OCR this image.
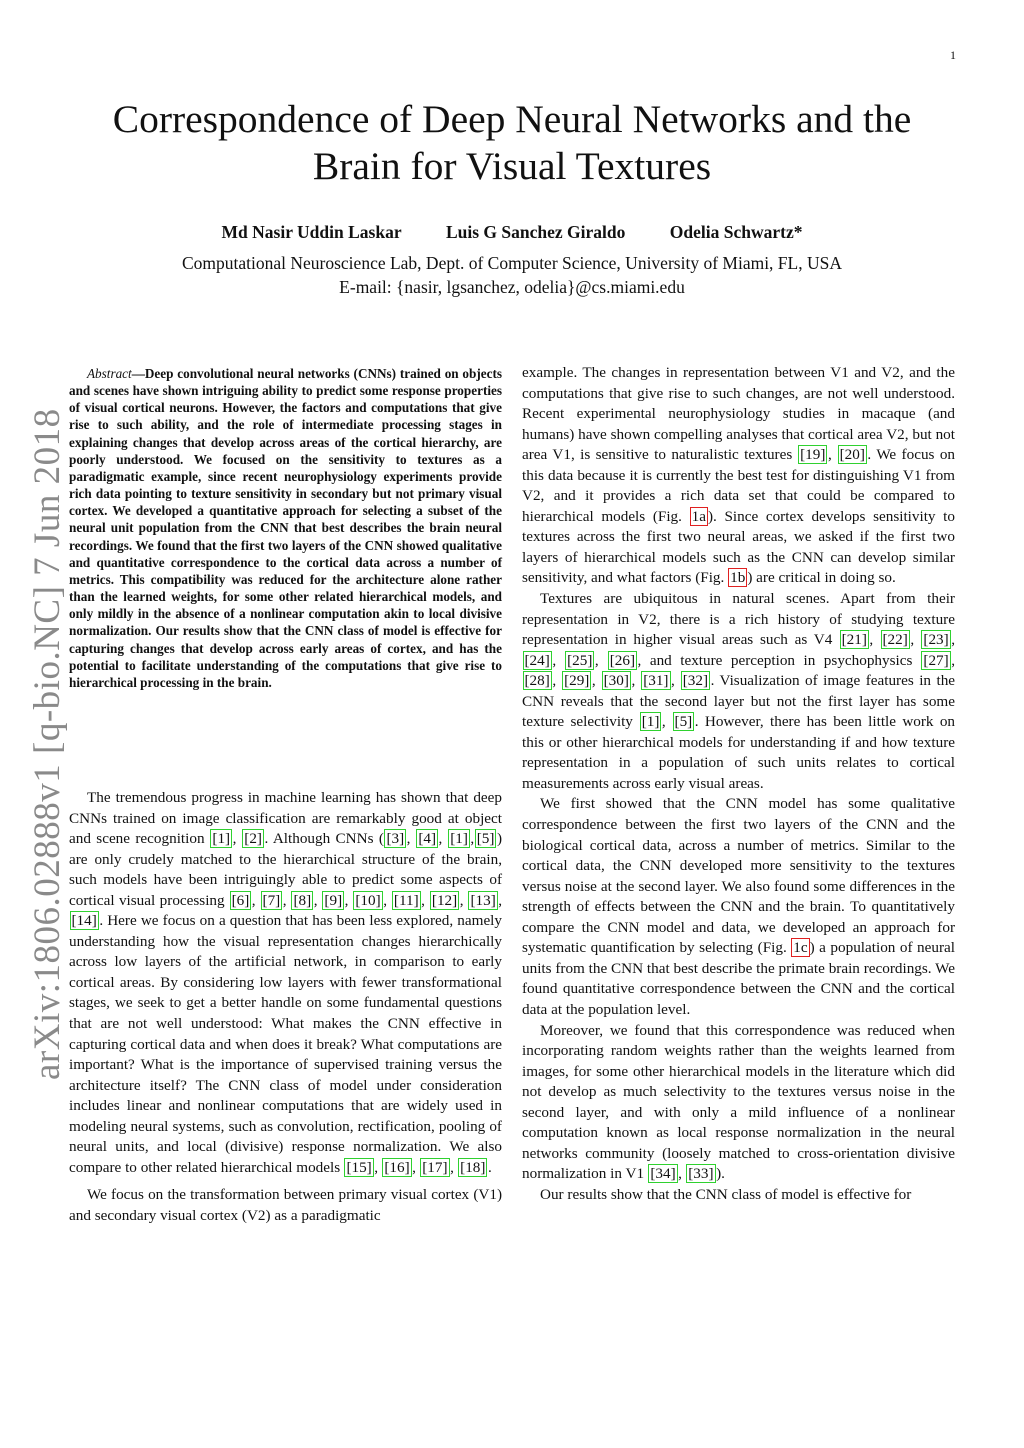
1
arXiv:1806.02888v1 [q-bio.NC] 7 Jun 2018
Correspondence of Deep Neural Networks and the
Brain for Visual Textures
Md Nasir Uddin Laskar	Luis G Sanchez Giraldo	Odelia Schwartz*
Computational Neuroscience Lab, Dept. of Computer Science, University of Miami, FL, USA
E-mail: {nasir, lgsanchez, odelia}@cs.miami.edu

Abstract—Deep convolutional neural networks (CNNs) trained on objects and scenes have shown intriguing ability to predict some response properties of visual cortical neurons. However, the factors and computations that give rise to such ability, and the role of intermediate processing stages in explaining changes that develop across areas of the cortical hierarchy, are poorly understood. We focused on the sensitivity to textures as a paradigmatic example, since recent neurophysiology experiments provide rich data pointing to texture sensitivity in secondary but not primary visual cortex. We developed a quantitative approach for selecting a subset of the neural unit population from the CNN that best describes the brain neural recordings. We found that the first two layers of the CNN showed qualitative and quantitative correspondence to the cortical data across a number of metrics. This compatibility was reduced for the architecture alone rather than the learned weights, for some other related hierarchical models, and only mildly in the absence of a nonlinear computation akin to local divisive normalization. Our results show that the CNN class of model is effective for capturing changes that develop across early areas of cortex, and has the potential to facilitate understanding of the computations that give rise to hierarchical processing in the brain.

The tremendous progress in machine learning has shown that deep CNNs trained on image classification are remarkably good at object and scene recognition [1] , [2] . Although CNNs ( [3] , [4] , [1] , [5] ) are only crudely matched to the hierarchical structure of the brain, such models have been intriguingly able to predict some aspects of cortical visual processing [6] , [7] , [8] , [9] , [10] , [11] , [12] , [13] , [14] . Here we focus on a question that has been less explored, namely understanding how the visual representation changes hierarchically across low layers of the artificial network, in comparison to early cortical areas. By considering low layers with fewer transformational stages, we seek to get a better handle on some fundamental questions that are not well understood: What makes the CNN effective in capturing cortical data and when does it break? What computations are important? What is the importance of supervised training versus the architecture itself? The CNN class of model under consideration includes linear and nonlinear computations that are widely used in modeling neural systems, such as convolution, rectification, pooling of neural units, and local (divisive) response normalization. We also compare to other related hierarchical models [15] , [16] , [17] , [18] .

We focus on the transformation between primary visual cortex (V1) and secondary visual cortex (V2) as a paradigmatic

example. The changes in representation between V1 and V2, and the computations that give rise to such changes, are not well understood. Recent experimental neurophysiology studies in macaque (and humans) have shown compelling analyses that cortical area V2, but not area V1, is sensitive to naturalistic textures [19] , [20] . We focus on this data because it is currently the best test for distinguishing V1 from V2, and it provides a rich data set that could be compared to hierarchical models (Fig. 1a ). Since cortex develops sensitivity to textures across the first two neural areas, we asked if the first two layers of hierarchical models such as the CNN can develop similar sensitivity, and what factors (Fig. 1b ) are critical in doing so.

Textures are ubiquitous in natural scenes. Apart from their representation in V2, there is a rich history of studying texture representation in higher visual areas such as V4 [21] , [22] , [23] , [24] , [25] , [26] , and texture perception in psychophysics [27] , [28] , [29] , [30] , [31] , [32] . Visualization of image features in the CNN reveals that the second layer but not the first layer has some texture selectivity [1] , [5] . However, there has been little work on this or other hierarchical models for understanding if and how texture representation in a population of such units relates to cortical measurements across early visual areas.

We first showed that the CNN model has some qualitative correspondence between the first two layers of the CNN and the biological cortical data, across a number of metrics. Similar to the cortical data, the CNN developed more sensitivity to the textures versus noise at the second layer. We also found some differences in the strength of effects between the CNN and the brain. To quantitatively compare the CNN model and data, we developed an approach for systematic quantification by selecting (Fig. 1c ) a population of neural units from the CNN that best describe the primate brain recordings. We found quantitative correspondence between the CNN and the cortical data at the population level.

Moreover, we found that this correspondence was reduced when incorporating random weights rather than the weights learned from images, for some other hierarchical models in the literature which did not develop as much selectivity to the textures versus noise in the second layer, and with only a mild influence of a nonlinear computation known as local response normalization in the neural networks community (loosely matched to cross-orientation divisive normalization in V1 [34] , [33] ).

Our results show that the CNN class of model is effective for
